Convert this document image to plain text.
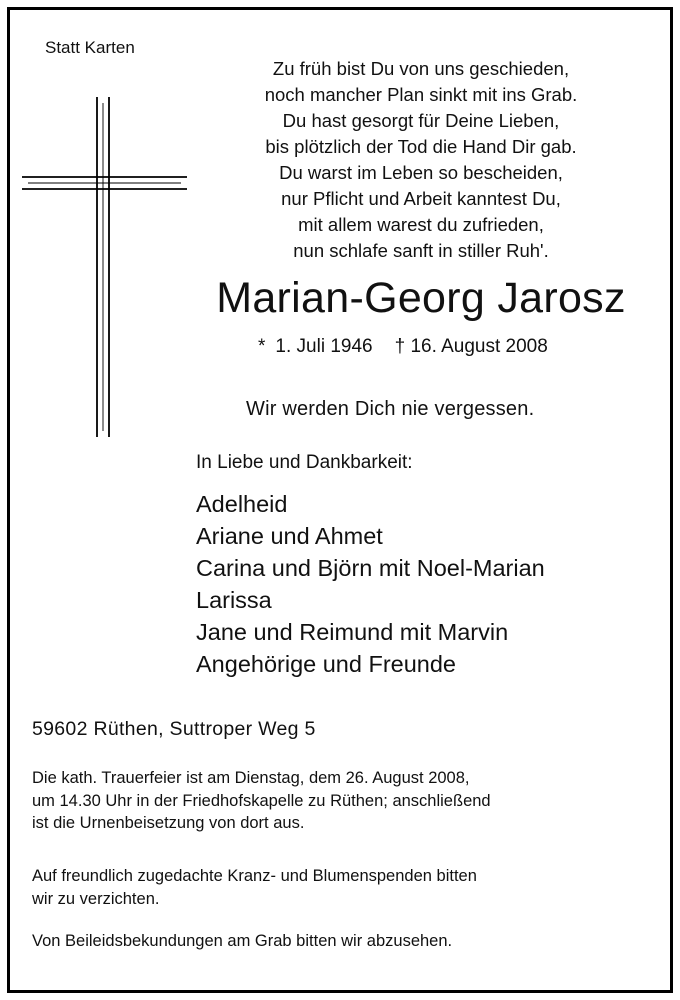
Statt Karten
Zu früh bist Du von uns geschieden,
noch mancher Plan sinkt mit ins Grab.
Du hast gesorgt für Deine Lieben,
bis plötzlich der Tod die Hand Dir gab.
Du warst im Leben so bescheiden,
nur Pflicht und Arbeit kanntest Du,
mit allem warest du zufrieden,
nun schlafe sanft in stiller Ruh'.
Marian-Georg Jarosz
* 1. Juli 1946 † 16. August 2008
Wir werden Dich nie vergessen.
In Liebe und Dankbarkeit:
Adelheid
Ariane und Ahmet
Carina und Björn mit Noel-Marian
Larissa
Jane und Reimund mit Marvin
Angehörige und Freunde
59602 Rüthen, Suttroper Weg 5
Die kath. Trauerfeier ist am Dienstag, dem 26. August 2008,
um 14.30 Uhr in der Friedhofskapelle zu Rüthen; anschließend
ist die Urnenbeisetzung von dort aus.
Auf freundlich zugedachte Kranz- und Blumenspenden bitten
wir zu verzichten.
Von Beileidsbekundungen am Grab bitten wir abzusehen.
